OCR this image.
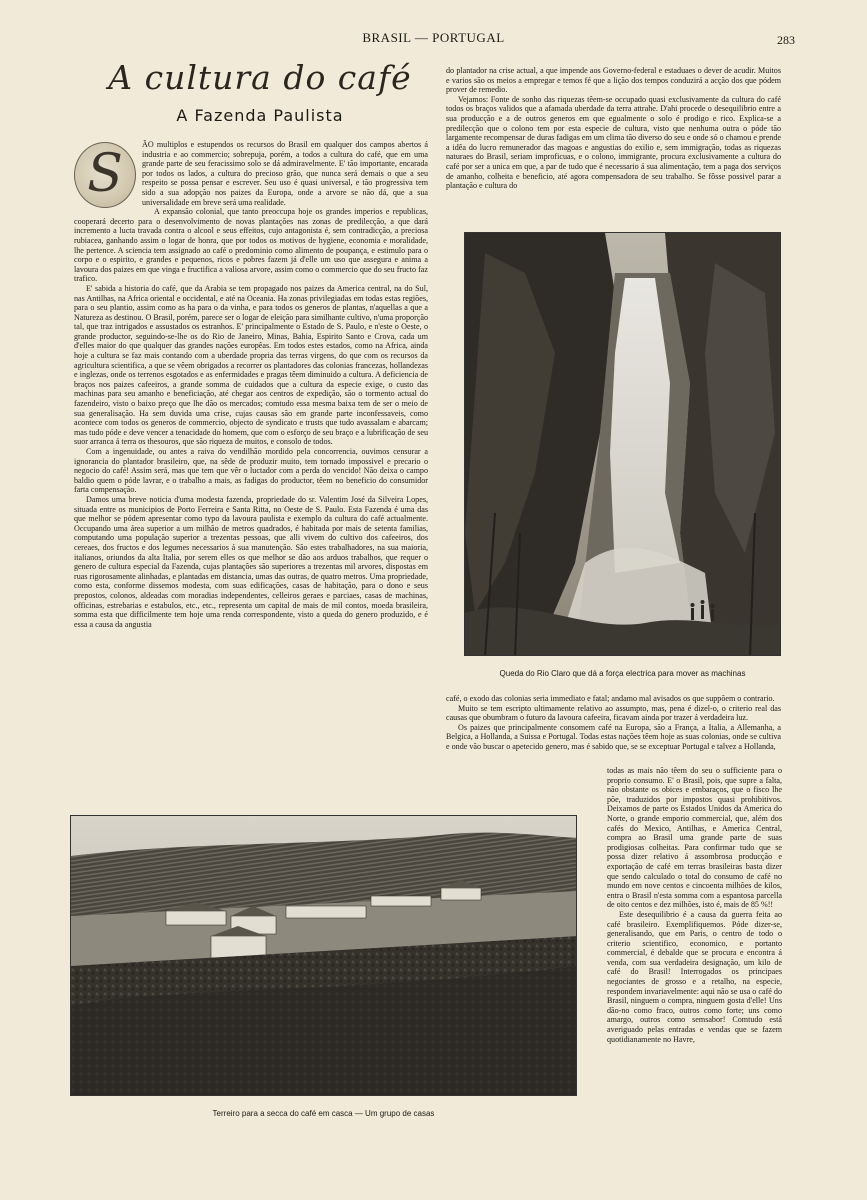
BRASIL — PORTUGAL	283
A cultura do café
A Fazenda Paulista
S	ÃO multiplos e estupendos os recursos do Brasil em qualquer dos campos abertos á industria e ao commercio; sobrepuja, porém, a todos a cultura do café, que em uma grande parte de seu feracissimo solo se dá admiravelmente. E' tão importante, encarada por todos os lados, a cultura do precioso grão, que nunca será demais o que a seu respeito se possa pensar e escrever. Seu uso é quasi universal, e tão progressiva tem sido a sua adopção nos paizes da Europa, onde a arvore se não dá, que a sua universalidade em breve será uma realidade.

A expansão colonial, que tanto preoccupa hoje os grandes imperios e republicas, cooperará decerto para o desenvolvimento de novas plantações nas zonas de predilecção, a que dará incremento a lucta travada contra o alcool e seus effeitos, cujo antagonista é, sem contradicção, a preciosa rubiacea, ganhando assim o logar de honra, que por todos os motivos de hygiene, economia e moralidade, lhe pertence. A sciencia tem assignado ao café o predominio como alimento de poupança, e estimulo para o corpo e o espirito, e grandes e pequenos, ricos e pobres fazem já d'elle um uso que assegura e anima a lavoura dos paizes em que vinga e fructifica a valiosa arvore, assim como o commercio que do seu fructo faz trafico.

E' sabida a historia do café, que da Arabia se tem propagado nos paizes da America central, na do Sul, nas Antilhas, na Africa oriental e occidental, e até na Oceania. Ha zonas privilegiadas em todas estas regiões, para o seu plantio, assim como as ha para o da vinha, e para todos os generos de plantas, n'aquellas a que a Natureza as destinou. O Brasil, porém, parece ser o logar de eleição para similhante cultivo, n'uma proporção tal, que traz intrigados e assustados os estranhos. E' principalmente o Estado de S. Paulo, e n'este o Oeste, o grande productor, seguindo-se-lhe os do Rio de Janeiro, Minas, Bahia, Espirito Santo e Crova, cada um d'elles maior do que qualquer das grandes nações europêas. Em todos estes estados, como na Africa, ainda hoje a cultura se faz mais contando com a uberdade propria das terras virgens, do que com os recursos da agricultura scientifica, a que se vêem obrigados a recorrer os plantadores das colonias francezas, hollandezas e inglezas, onde os terrenos esgotados e as enfermidades e pragas têem diminuido a cultura. A deficiencia de braços nos paizes cafeeiros, a grande somma de cuidados que a cultura da especie exige, o custo das machinas para seu amanho e beneficiação, até chegar aos centros de expedição, são o tormento actual do fazendeiro, visto o baixo preço que lhe dão os mercados; comtudo essa mesma baixa tem de ser o meio de sua generalisação. Ha sem duvida uma crise, cujas causas são em grande parte inconfessaveis, como acontece com todos os generos de commercio, objecto de syndicato e trusts que tudo avassalam e abarcam; mas tudo póde e deve vencer a tenacidade do homem, que com o esforço de seu braço e a lubrificação de seu suor arranca á terra os thesouros, que são riqueza de muitos, e consolo de todos.

Com a ingenuidade, ou antes a raiva do vendilhão mordido pela concorrencia, ouvimos censurar a ignorancia do plantador brasileiro, que, na sêde de produzir muito, tem tornado impossivel e precario o negocio do café! Assim será, mas que tem que vêr o luctador com a perda do vencido! Não deixa o campo baldio quem o póde lavrar, e o trabalho a mais, as fadigas do productor, têem no beneficio do consumidor farta compensação.

Damos uma breve noticia d'uma modesta fazenda, propriedade do sr. Valentim José da Silveira Lopes, situada entre os municipios de Porto Ferreira e Santa Ritta, no Oeste de S. Paulo. Esta Fazenda é uma das que melhor se pódem apresentar como typo da lavoura paulista e exemplo da cultura do café actualmente. Occupando uma área superior a um milhão de metros quadrados, é habitada por mais de setenta familias, computando uma população superior a trezentas pessoas, que alli vivem do cultivo dos cafeeiros, dos cereaes, dos fructos e dos legumes necessarios á sua manutenção. São estes trabalhadores, na sua maioria, italianos, oriundos da alta Italia, por serem elles os que melhor se dão aos arduos trabalhos, que requer o genero de cultura especial da Fazenda, cujas plantações são superiores a trezentas mil arvores, dispostas em ruas rigorosamente alinhadas, e plantadas em distancia, umas das outras, de quatro metros. Uma propriedade, como esta, conforme dissemos modesta, com suas edificações, casas de habitação, para o dono e seus prepostos, colonos, aldeadas com moradias independentes, celleiros geraes e parciaes, casas de machinas, officinas, estrebarias e estabulos, etc., etc., representa um capital de mais de mil contos, moeda brasileira, somma esta que difficilmente tem hoje uma renda correspondente, visto a queda do genero produzido, e é essa a causa da angustia

do plantador na crise actual, a que impende aos Governo-federal e estaduaes o dever de acudir. Muitos e varios são os meios a empregar e temos fé que a lição dos tempos conduzirá a acção dos que pódem prover de remedio.

Vejamos: Fonte de sonho das riquezas têem-se occupado quasi exclusivamente da cultura do café todos os braços validos que a afamada uberdade da terra attrahe. D'ahi procede o desequilibrio entre a sua producção e a de outros generos em que egualmente o solo é prodigo e rico. Explica-se a predilecção que o colono tem por esta especie de cultura, visto que nenhuma outra o póde tão largamente recompensar de duras fadigas em um clima tão diverso do seu e onde só o chamou e prende a idêa do lucro remunerador das magoas e angustias do exilio e, sem immigração, todas as riquezas naturaes do Brasil, seriam improficuas, e o colono, immigrante, procura exclusivamente a cultura do café por ser a unica em que, a par de tudo que é necessario á sua alimentação, tem a paga dos serviços de amanho, colheita e beneficio, até agora compensadora de seu trabalho. Se fôsse possivel parar a plantação e cultura do

Queda do Rio Claro que dá a força electrica para mover as machinas

café, o exodo das colonias seria immediato e fatal; andamo mal avisados os que suppõem o contrario.

Muito se tem escripto ultimamente relativo ao assumpto, mas, pena é dizel-o, o criterio real das causas que obumbram o futuro da lavoura cafeeira, ficavam ainda por trazer á verdadeira luz.

Os paizes que principalmente consomem café na Europa, são a França, a Italia, a Allemanha, a Belgica, a Hollanda, a Suissa e Portugal. Todas estas nações têem hoje as suas colonias, onde se cultiva e onde vão buscar o apetecido genero, mas é sabido que, se se exceptuar Portugal e talvez a Hollanda,

Terreiro para a secca do café em casca — Um grupo de casas

todas as mais não têem do seu o sufficiente para o proprio consumo. E' o Brasil, pois, que supre a falta, não obstante os obices e embaraços, que o fisco lhe põe, traduzidos por impostos quasi prohibitivos. Deixamos de parte os Estados Unidos da America do Norte, o grande emporio commercial, que, além dos cafés do Mexico, Antilhas, e America Central, compra ao Brasil uma grande parte de suas prodigiosas colheitas. Para confirmar tudo que se possa dizer relativo á assombrosa producção e exportação de café em terras brasileiras basta dizer que sendo calculado o total do consumo de café no mundo em nove centos e cincoenta milhões de kilos, entra o Brasil n'esta somma com a espantosa parcella de oito centos e dez milhões, isto é, mais de 85 %!!

Este desequilibrio é a causa da guerra feita ao café brasileiro. Exemplifiquemos. Póde dizer-se, generalisando, que em Paris, o centro de todo o criterio scientifico, economico, e portanto commercial, é debalde que se procura e encontra á venda, com sua verdadeira designação, um kilo de café do Brasil! Interrogados os principaes negociantes de grosso e a retalho, na especie, respondem invariavelmente: aqui não se usa o café do Brasil, ninguem o compra, ninguem gosta d'elle! Uns dão-no como fraco, outros como forte; uns como amargo, outros como semsabor! Comtudo está averiguado pelas entradas e vendas que se fazem quotidianamente no Havre,
